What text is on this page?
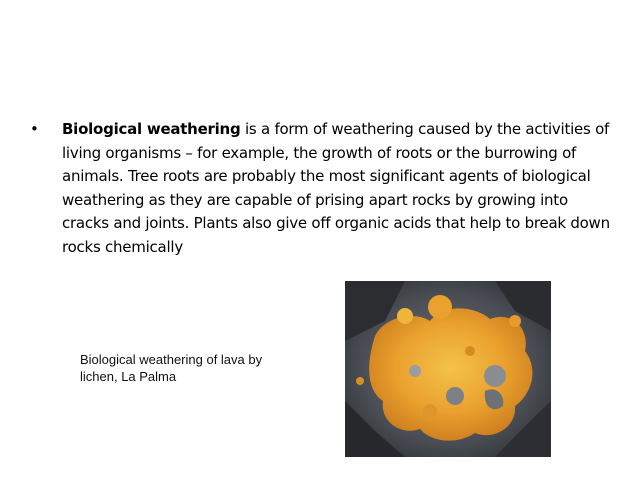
• Biological weathering is a form of weathering caused by the activities of living organisms – for example, the growth of roots or the burrowing of animals. Tree roots are probably the most significant agents of biological weathering as they are capable of prising apart rocks by growing into cracks and joints. Plants also give off organic acids that help to break down rocks chemically
Biological weathering of lava by
lichen, La Palma
